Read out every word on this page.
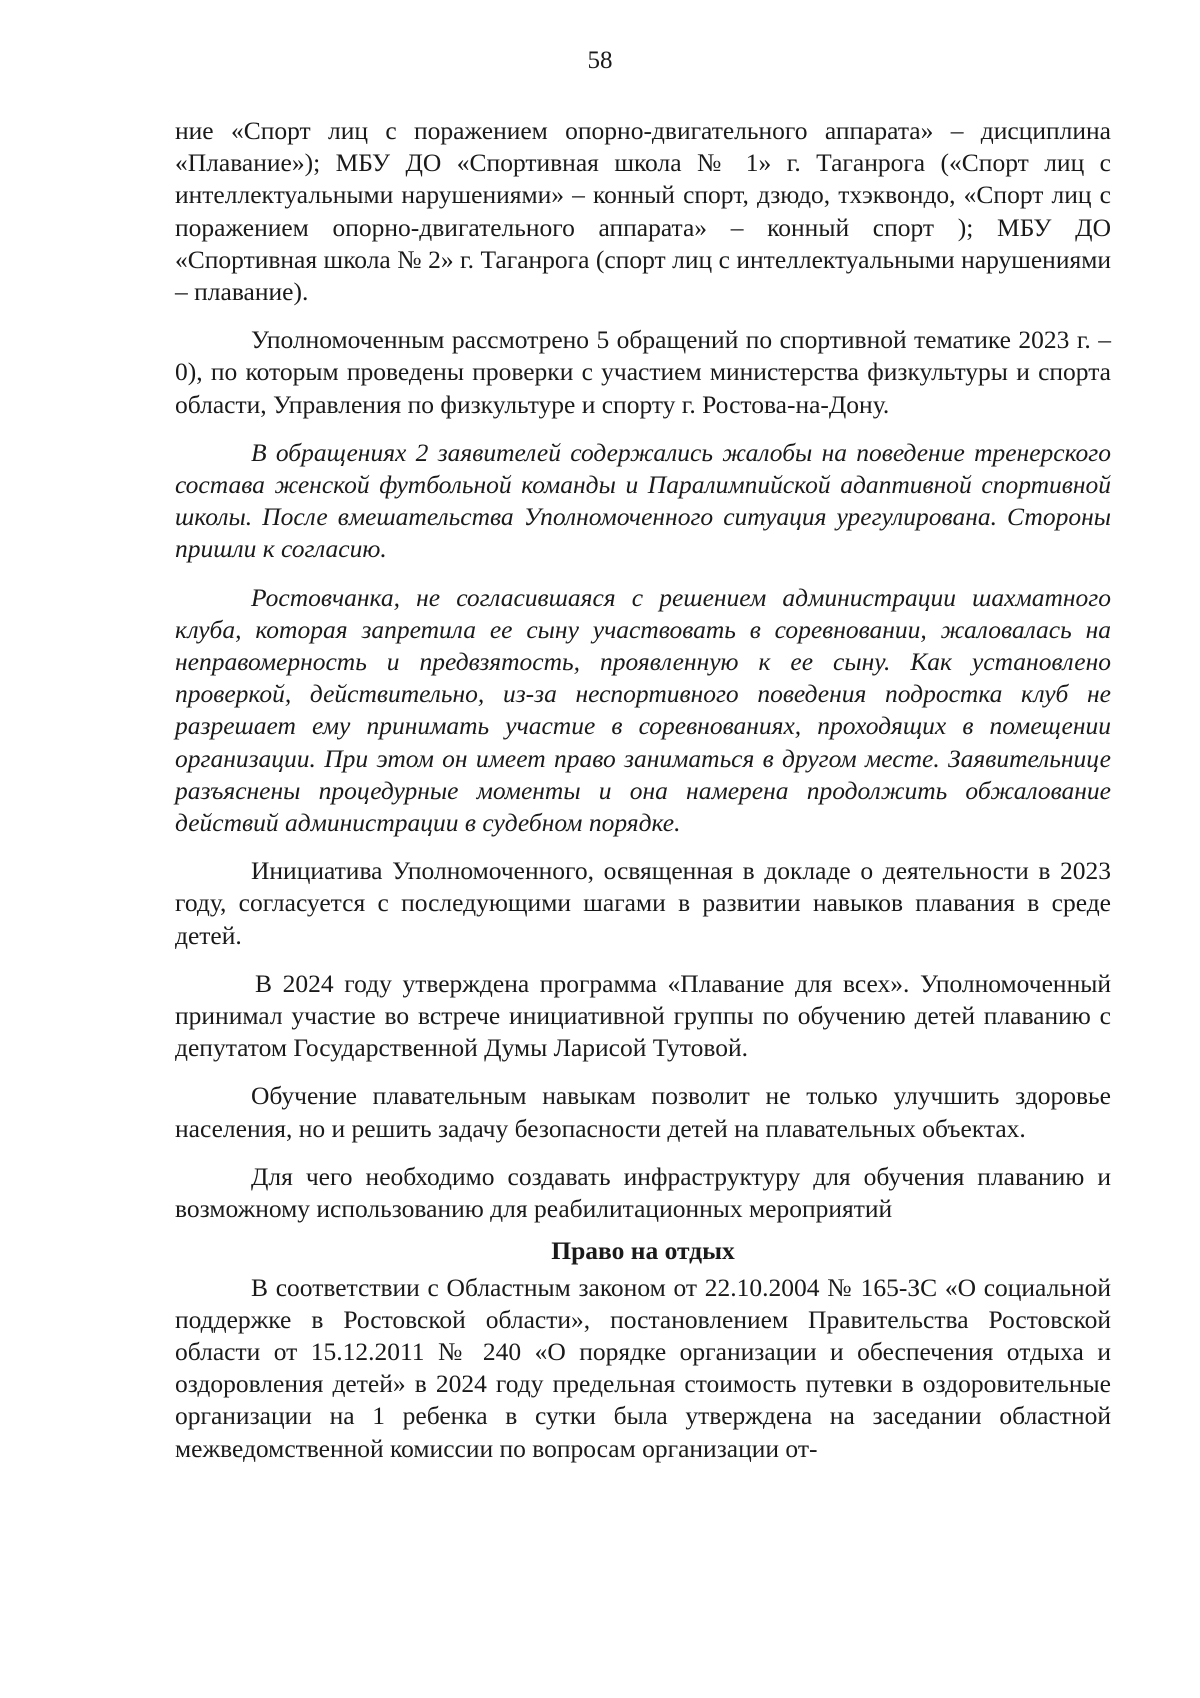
58

ние «Спорт лиц с поражением опорно-двигательного аппарата» – дисциплина «Плавание»); МБУ ДО «Спортивная школа № 1» г. Таганрога («Спорт лиц с интеллектуальными нарушениями» – конный спорт, дзюдо, тхэквондо, «Спорт лиц с поражением опорно-двигательного аппарата» – конный спорт ); МБУ ДО «Спортивная школа № 2» г. Таганрога (спорт лиц с интеллектуальными нарушениями – плавание).

Уполномоченным рассмотрено 5 обращений по спортивной тематике 2023 г. – 0), по которым проведены проверки с участием министерства физкультуры и спорта области, Управления по физкультуре и спорту г. Ростова-на-Дону.

В обращениях 2 заявителей содержались жалобы на поведение тренерского состава женской футбольной команды и Паралимпийской адаптивной спортивной школы. После вмешательства Уполномоченного ситуация урегулирована. Стороны пришли к согласию.

Ростовчанка, не согласившаяся с решением администрации шахматного клуба, которая запретила ее сыну участвовать в соревновании, жаловалась на неправомерность и предвзятость, проявленную к ее сыну. Как установлено проверкой, действительно, из-за неспортивного поведения подростка клуб не разрешает ему принимать участие в соревнованиях, проходящих в помещении организации. При этом он имеет право заниматься в другом месте. Заявительнице разъяснены процедурные моменты и она намерена продолжить обжалование действий администрации в судебном порядке.

Инициатива Уполномоченного, освященная в докладе о деятельности в 2023 году, согласуется с последующими шагами в развитии навыков плавания в среде детей.

В 2024 году утверждена программа «Плавание для всех». Уполномоченный принимал участие во встрече инициативной группы по обучению детей плаванию с депутатом Государственной Думы Ларисой Тутовой.

Обучение плавательным навыкам позволит не только улучшить здоровье населения, но и решить задачу безопасности детей на плавательных объектах.

Для чего необходимо создавать инфраструктуру для обучения плаванию и возможному использованию для реабилитационных мероприятий

Право на отдых

В соответствии с Областным законом от 22.10.2004 № 165-ЗС «О социальной поддержке в Ростовской области», постановлением Правительства Ростовской области от 15.12.2011 № 240 «О порядке организации и обеспечения отдыха и оздоровления детей» в 2024 году предельная стоимость путевки в оздоровительные организации на 1 ребенка в сутки была утверждена на заседании областной межведомственной комиссии по вопросам организации от-
